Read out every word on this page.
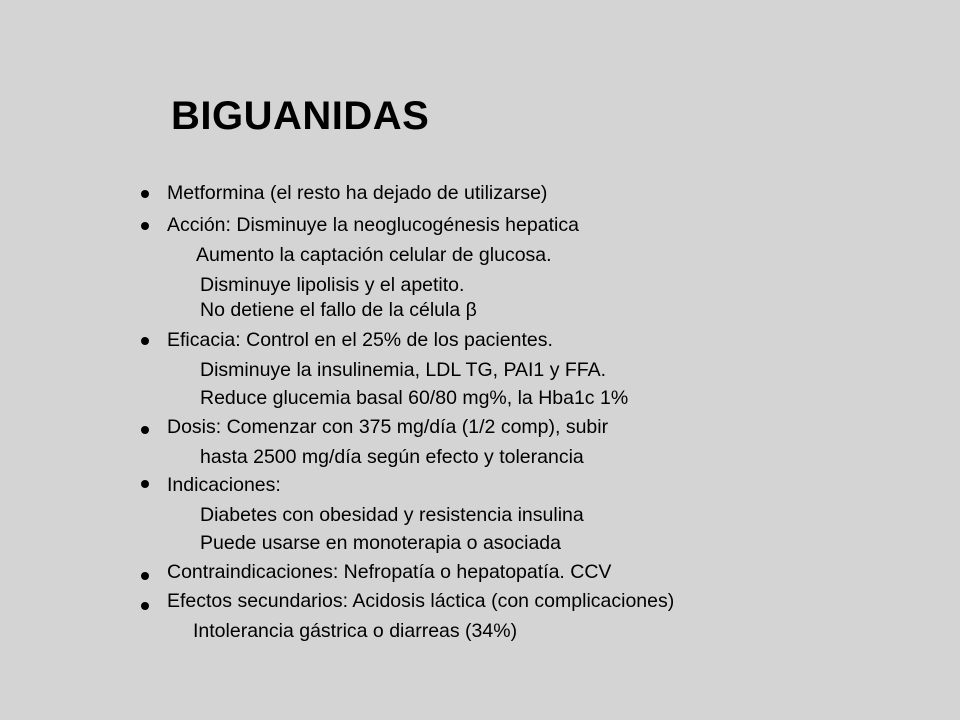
BIGUANIDAS
Metformina (el resto ha dejado de utilizarse)
Acción: Disminuye la neoglucogénesis hepatica
Aumento la captación celular de glucosa.
Disminuye lipolisis y el apetito.
No detiene el fallo de la célula β
Eficacia: Control en el 25% de los pacientes.
Disminuye la insulinemia, LDL TG, PAI1 y FFA.
Reduce glucemia basal 60/80 mg%, la Hba1c 1%
Dosis: Comenzar con 375 mg/día (1/2 comp), subir
hasta 2500 mg/día según efecto y tolerancia
Indicaciones:
Diabetes con obesidad y resistencia insulina
Puede usarse en monoterapia o asociada
Contraindicaciones: Nefropatía o hepatopatía. CCV
Efectos secundarios: Acidosis láctica (con complicaciones)
Intolerancia gástrica o diarreas (34%)
